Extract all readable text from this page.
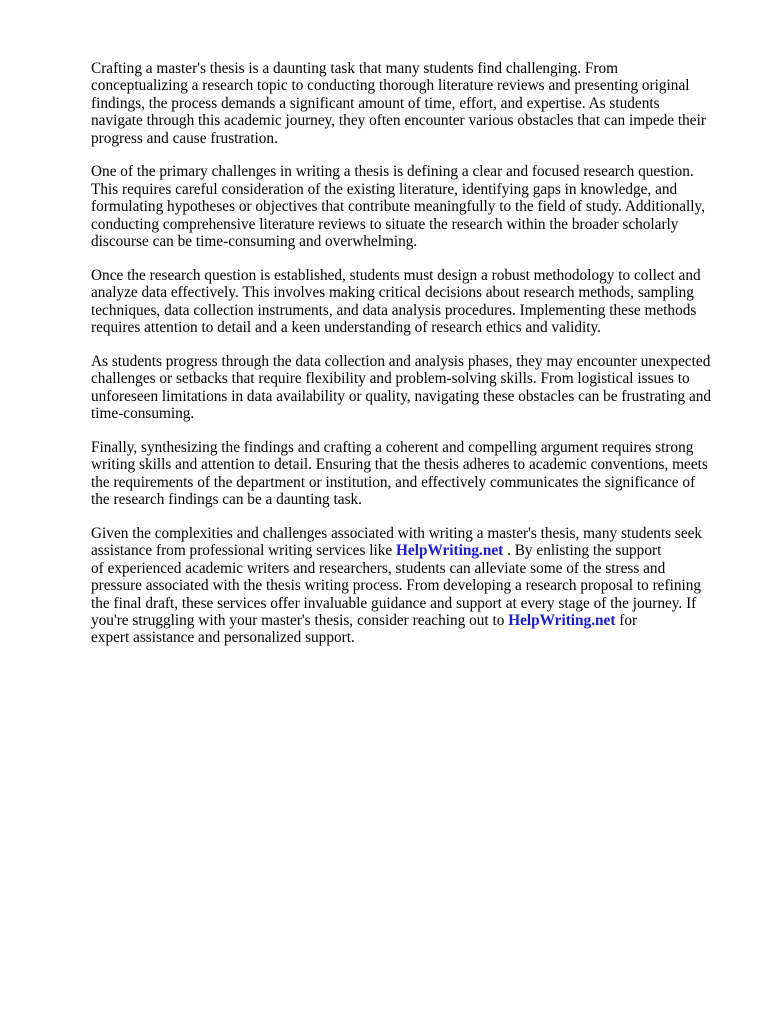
Crafting a master's thesis is a daunting task that many students find challenging. From
conceptualizing a research topic to conducting thorough literature reviews and presenting original
findings, the process demands a significant amount of time, effort, and expertise. As students
navigate through this academic journey, they often encounter various obstacles that can impede their
progress and cause frustration.

One of the primary challenges in writing a thesis is defining a clear and focused research question.
This requires careful consideration of the existing literature, identifying gaps in knowledge, and
formulating hypotheses or objectives that contribute meaningfully to the field of study. Additionally,
conducting comprehensive literature reviews to situate the research within the broader scholarly
discourse can be time-consuming and overwhelming.

Once the research question is established, students must design a robust methodology to collect and
analyze data effectively. This involves making critical decisions about research methods, sampling
techniques, data collection instruments, and data analysis procedures. Implementing these methods
requires attention to detail and a keen understanding of research ethics and validity.

As students progress through the data collection and analysis phases, they may encounter unexpected
challenges or setbacks that require flexibility and problem-solving skills. From logistical issues to
unforeseen limitations in data availability or quality, navigating these obstacles can be frustrating and
time-consuming.

Finally, synthesizing the findings and crafting a coherent and compelling argument requires strong
writing skills and attention to detail. Ensuring that the thesis adheres to academic conventions, meets
the requirements of the department or institution, and effectively communicates the significance of
the research findings can be a daunting task.

Given the complexities and challenges associated with writing a master's thesis, many students seek
assistance from professional writing services like HelpWriting.net . By enlisting the support
of experienced academic writers and researchers, students can alleviate some of the stress and
pressure associated with the thesis writing process. From developing a research proposal to refining
the final draft, these services offer invaluable guidance and support at every stage of the journey. If
you're struggling with your master's thesis, consider reaching out to HelpWriting.net for
expert assistance and personalized support.
